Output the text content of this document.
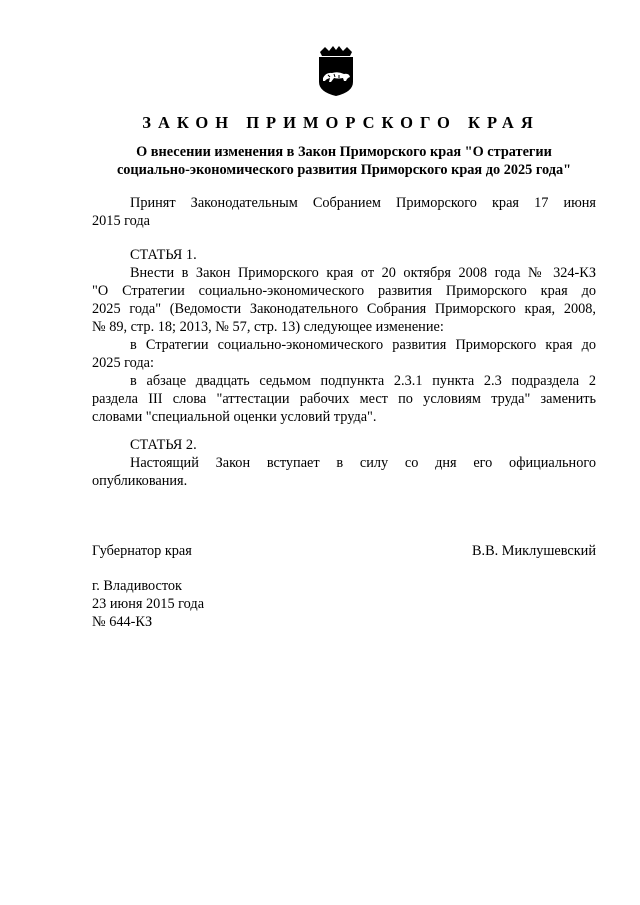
ЗАКОН ПРИМОРСКОГО КРАЯ
О внесении изменения в Закон Приморского края "О стратегии
социально-экономического развития Приморского края до 2025 года"
Принят Законодательным Собранием Приморского края 17 июня
2015 года
СТАТЬЯ 1.
Внести в Закон Приморского края от 20 октября 2008 года № 324-КЗ
"О Стратегии социально-экономического развития Приморского края до
2025 года" (Ведомости Законодательного Собрания Приморского края, 2008,
№ 89, стр. 18; 2013, № 57, стр. 13) следующее изменение:
в Стратегии социально-экономического развития Приморского края до
2025 года:
в абзаце двадцать седьмом подпункта 2.3.1 пункта 2.3 подраздела 2
раздела III слова "аттестации рабочих мест по условиям труда" заменить
словами "специальной оценки условий труда".
СТАТЬЯ 2.
Настоящий Закон вступает в силу со дня его официального
опубликования.
Губернатор края	В.В. Миклушевский
г. Владивосток
23 июня 2015 года
№ 644-КЗ
